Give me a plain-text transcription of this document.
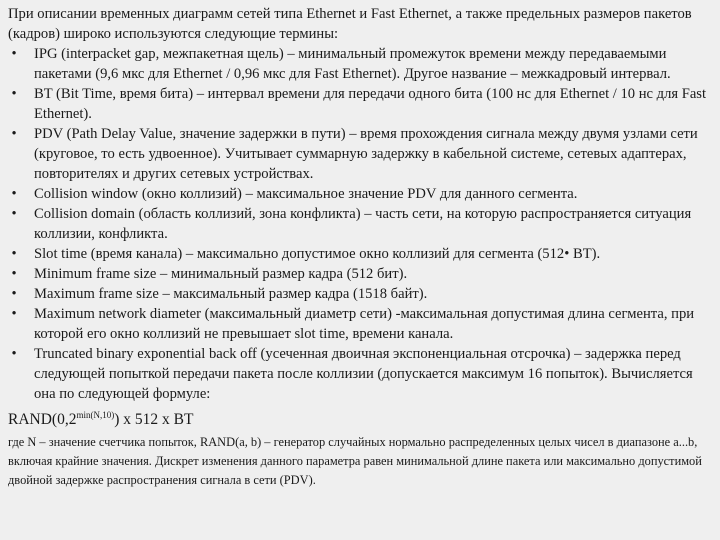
При описании временных диаграмм сетей типа Ethernet и Fast Ethernet, а также предельных размеров пакетов (кадров) широко используются следующие термины:

• IPG (interpacket gap, межпакетная щель) – минимальный промежуток времени между передаваемыми пакетами (9,6 мкс для Ethernet / 0,96 мкс для Fast Ethernet). Другое название – межкадровый интервал.
• BT (Bit Time, время бита) – интервал времени для передачи одного бита (100 нс для Ethernet / 10 нс для Fast Ethernet).
• PDV (Path Delay Value, значение задержки в пути) – время прохождения сигнала между двумя узлами сети (круговое, то есть удвоенное). Учитывает суммарную задержку в кабельной системе, сетевых адаптерах, повторителях и других сетевых устройствах.
• Collision window (окно коллизий) – максимальное значение PDV для данного сегмента.
• Collision domain (область коллизий, зона конфликта) – часть сети, на которую распространяется ситуация коллизии, конфликта.
• Slot time (время канала) – максимально допустимое окно коллизий для сегмента (512• BT).
• Minimum frame size – минимальный размер кадра (512 бит).
• Maximum frame size – максимальный размер кадра (1518 байт).
• Maximum network diameter (максимальный диаметр сети) -максимальная допустимая длина сегмента, при которой его окно коллизий не превышает slot time, времени канала.
• Truncated binary exponential back off (усеченная двоичная экспоненциальная отсрочка) – задержка перед следующей попыткой передачи пакета после коллизии (допускается максимум 16 попыток). Вычисляется она по следующей формуле:

$RAND(0,2^{min(N,10)})$ x 512 x BT

где N – значение счетчика попыток, RAND(a, b) – генератор случайных нормально распределенных целых чисел в диапазоне a...b, включая крайние значения. Дискрет изменения данного параметра равен минимальной длине пакета или максимально допустимой двойной задержке распространения сигнала в сети (PDV).
